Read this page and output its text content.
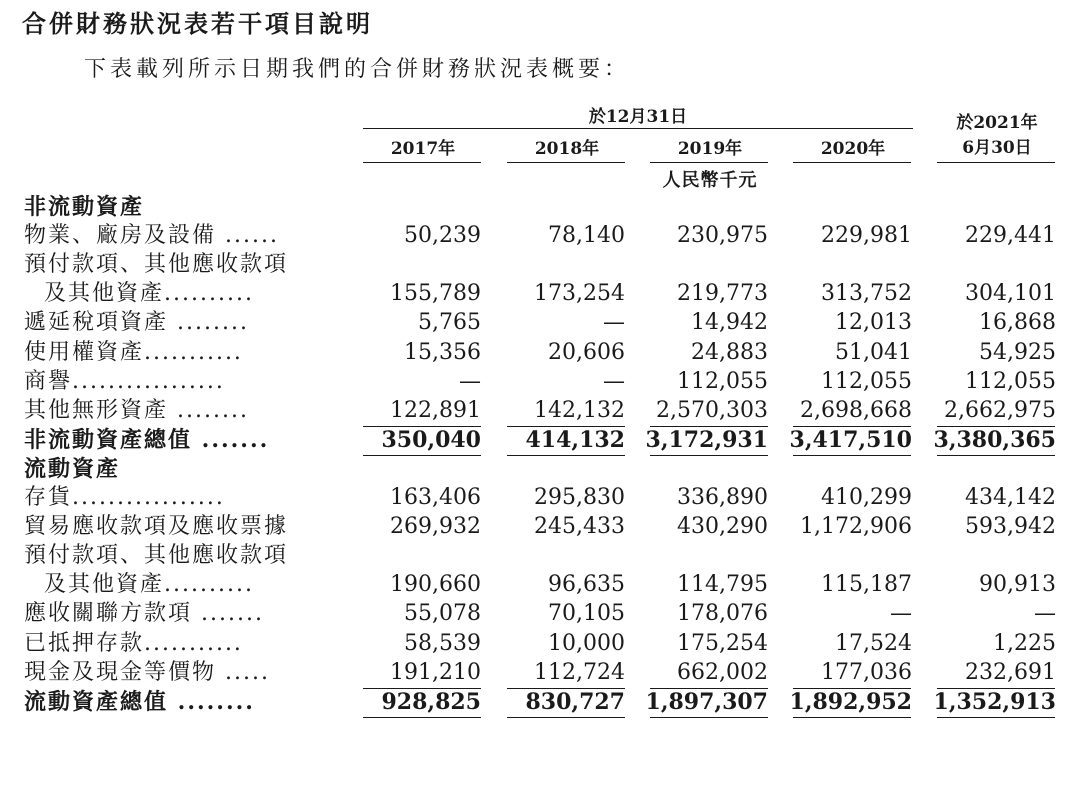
合併財務狀況表若干項目說明
下表載列所示日期我們的合併財務狀況表概要：
於12月31日
2017年	2018年	2019年	2020年
於2021年
6月30日
人民幣千元
非流動資產
物業、廠房及設備 ......	50,239	78,140	230,975	229,981	229,441
預付款項、其他應收款項
及其他資產..........	155,789	173,254	219,773	313,752	304,101
遞延稅項資產 ........	5,765	—	14,942	12,013	16,868
使用權資產...........	15,356	20,606	24,883	51,041	54,925
商譽.................	—	—	112,055	112,055	112,055
其他無形資產 ........	122,891	142,132	2,570,303	2,698,668	2,662,975
非流動資產總值 .......	350,040	414,132 3,172,931 3,417,510 3,380,365
流動資產
存貨.................	163,406	295,830	336,890	410,299	434,142
貿易應收款項及應收票據	269,932	245,433	430,290	1,172,906	593,942
預付款項、其他應收款項
及其他資產..........	190,660	96,635	114,795	115,187	90,913
應收關聯方款項 .......	55,078	70,105	178,076	—	—
已抵押存款...........	58,539	10,000	175,254	17,524	1,225
現金及現金等價物 .....	191,210	112,724	662,002	177,036	232,691
流動資產總值 ........	928,825	830,727 1,897,307 1,892,952 1,352,913
